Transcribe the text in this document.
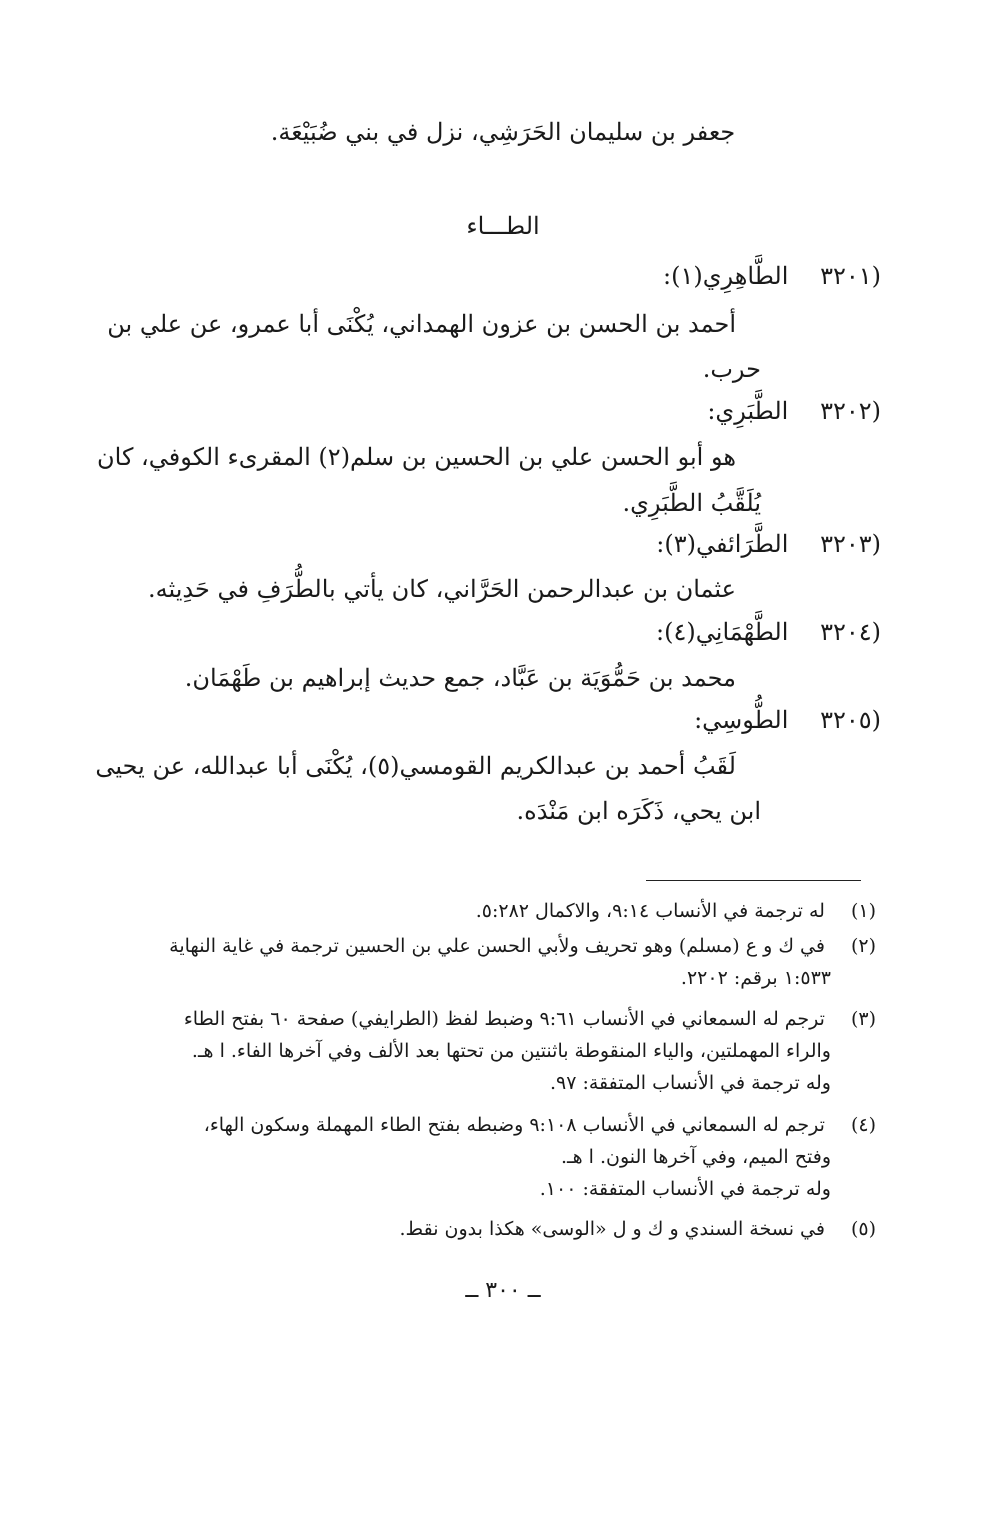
جعفر بن سليمان الحَرَشِي، نزل في بني ضُبَيْعَة.
الطـــاء
(٣٢٠١ الطَّاهِرِي(١):
أحمد بن الحسن بن عزون الهمداني، يُكْنَى أبا عمرو، عن علي بن
حرب.
(٣٢٠٢ الطَّبَرِي:
هو أبو الحسن علي بن الحسين بن سلم(٢) المقرىء الكوفي، كان
يُلَقَّبُ الطَّبَرِي.
(٣٢٠٣ الطَّرَائفي(٣):
عثمان بن عبدالرحمن الحَرَّاني، كان يأتي بالطُّرَفِ في حَدِيثه.
(٣٢٠٤ الطَّهْمَانِي(٤):
محمد بن حَمُّوَيَة بن عَبَّاد، جمع حديث إبراهيم بن طَهْمَان.
(٣٢٠٥ الطُّوسِي:
لَقَبُ أحمد بن عبدالكريم القومسي(٥)، يُكْنَى أبا عبدالله، عن يحيى
ابن يحي، ذَكَرَه ابن مَنْدَه.
(١) له ترجمة في الأنساب ٩:١٤، والاكمال ٥:٢٨٢.
(٢) في ك و ع (مسلم) وهو تحريف ولأبي الحسن علي بن الحسين ترجمة في غاية النهاية
١:٥٣٣ برقم: ٢٢٠٢.
(٣) ترجم له السمعاني في الأنساب ٩:٦١ وضبط لفظ (الطرايفي) صفحة ٦٠ بفتح الطاء
والراء المهملتين، والياء المنقوطة باثنتين من تحتها بعد الألف وفي آخرها الفاء. ا هـ.
وله ترجمة في الأنساب المتفقة: ٩٧.
(٤) ترجم له السمعاني في الأنساب ٩:١٠٨ وضبطه بفتح الطاء المهملة وسكون الهاء،
وفتح الميم، وفي آخرها النون. ا هـ.
وله ترجمة في الأنساب المتفقة: ١٠٠.
(٥) في نسخة السندي و ك و ل «الوسى» هكذا بدون نقط.
ــ ٣٠٠ ــ
